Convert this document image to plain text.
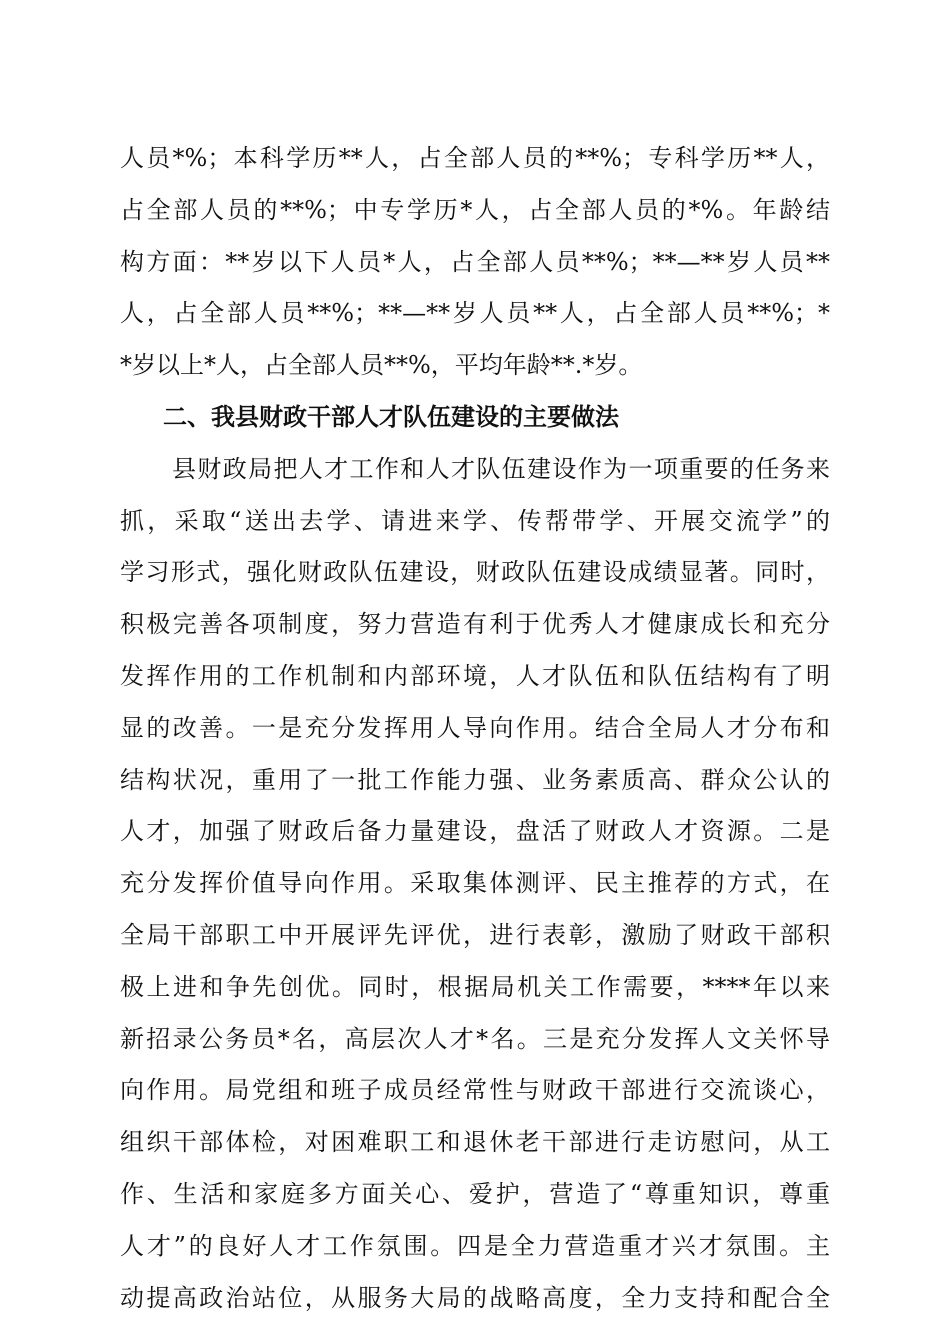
人员*%；本科学历**人，占全部人员的**%；专科学历**人，
占全部人员的**%；中专学历*人，占全部人员的*%。年龄结
构方面：**岁以下人员*人，占全部人员**%；**—**岁人员**
人，占全部人员**%；**—**岁人员**人，占全部人员**%；*
*岁以上*人，占全部人员**%，平均年龄**.*岁。
二、我县财政干部人才队伍建设的主要做法
县财政局把人才工作和人才队伍建设作为一项重要的任务来
抓，采取“送出去学、请进来学、传帮带学、开展交流学”的
学习形式，强化财政队伍建设，财政队伍建设成绩显著。同时，
积极完善各项制度，努力营造有利于优秀人才健康成长和充分
发挥作用的工作机制和内部环境，人才队伍和队伍结构有了明
显的改善。一是充分发挥用人导向作用。结合全局人才分布和
结构状况，重用了一批工作能力强、业务素质高、群众公认的
人才，加强了财政后备力量建设，盘活了财政人才资源。二是
充分发挥价值导向作用。采取集体测评、民主推荐的方式，在
全局干部职工中开展评先评优，进行表彰，激励了财政干部积
极上进和争先创优。同时，根据局机关工作需要，****年以来
新招录公务员*名，高层次人才*名。三是充分发挥人文关怀导
向作用。局党组和班子成员经常性与财政干部进行交流谈心，
组织干部体检，对困难职工和退休老干部进行走访慰问，从工
作、生活和家庭多方面关心、爱护，营造了“尊重知识，尊重
人才”的良好人才工作氛围。四是全力营造重才兴才氛围。主
动提高政治站位，从服务大局的战略高度，全力支持和配合全
